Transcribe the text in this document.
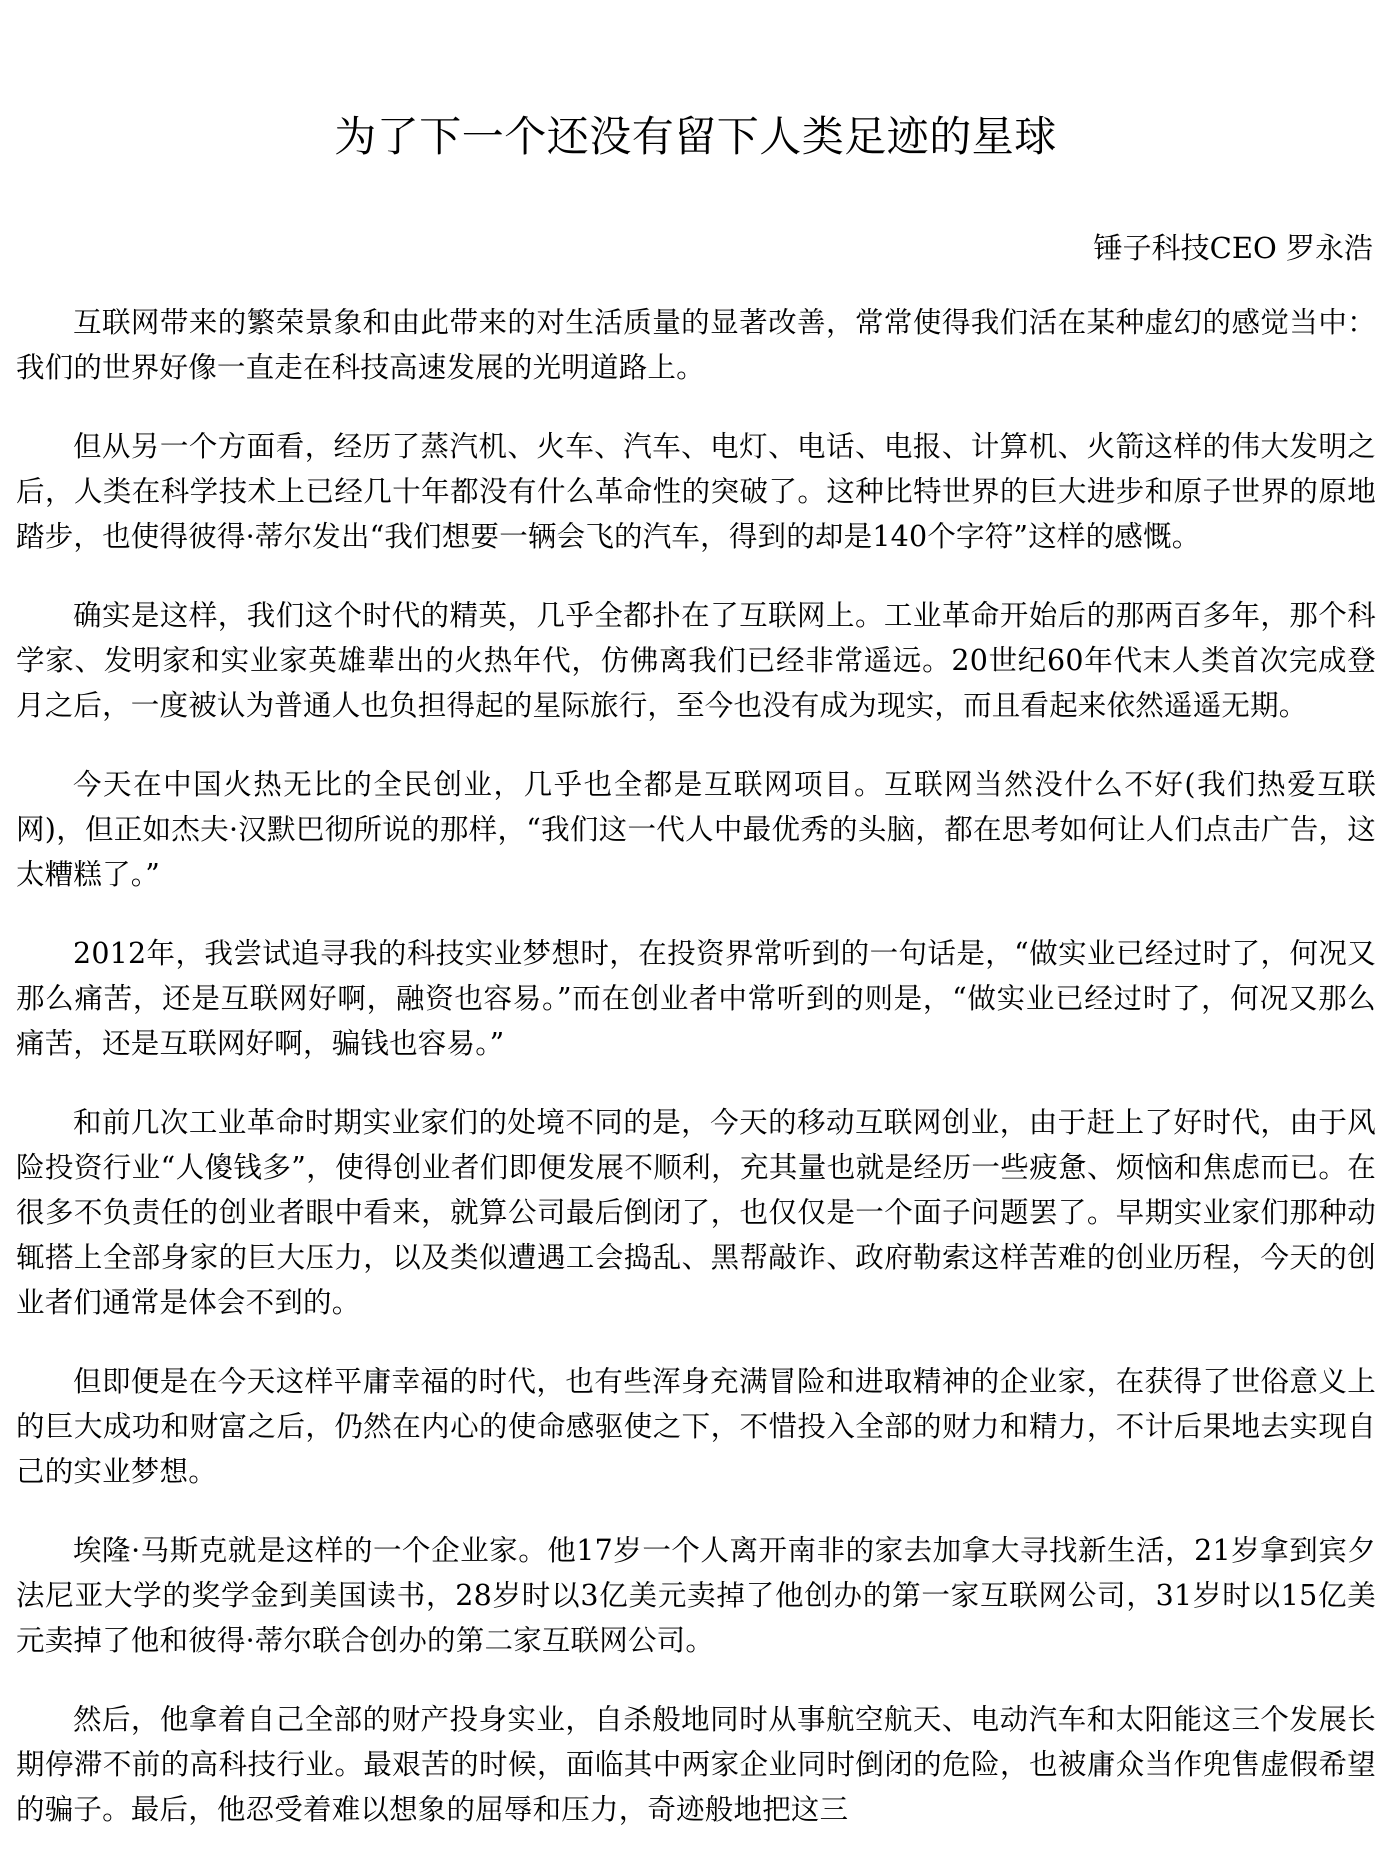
为了下一个还没有留下人类足迹的星球

锤子科技CEO 罗永浩

互联网带来的繁荣景象和由此带来的对生活质量的显著改善，常常使得我们活在某种虚幻的感觉当中：我们的世界好像一直走在科技高速发展的光明道路上。

但从另一个方面看，经历了蒸汽机、火车、汽车、电灯、电话、电报、计算机、火箭这样的伟大发明之后，人类在科学技术上已经几十年都没有什么革命性的突破了。这种比特世界的巨大进步和原子世界的原地踏步，也使得彼得·蒂尔发出“我们想要一辆会飞的汽车，得到的却是140个字符”这样的感慨。

确实是这样，我们这个时代的精英，几乎全都扑在了互联网上。工业革命开始后的那两百多年，那个科学家、发明家和实业家英雄辈出的火热年代，仿佛离我们已经非常遥远。20世纪60年代末人类首次完成登月之后，一度被认为普通人也负担得起的星际旅行，至今也没有成为现实，而且看起来依然遥遥无期。

今天在中国火热无比的全民创业，几乎也全都是互联网项目。互联网当然没什么不好(我们热爱互联网)，但正如杰夫·汉默巴彻所说的那样，“我们这一代人中最优秀的头脑，都在思考如何让人们点击广告，这太糟糕了。”

2012年，我尝试追寻我的科技实业梦想时，在投资界常听到的一句话是，“做实业已经过时了，何况又那么痛苦，还是互联网好啊，融资也容易。”而在创业者中常听到的则是，“做实业已经过时了，何况又那么痛苦，还是互联网好啊，骗钱也容易。”

和前几次工业革命时期实业家们的处境不同的是，今天的移动互联网创业，由于赶上了好时代，由于风险投资行业“人傻钱多”，使得创业者们即便发展不顺利，充其量也就是经历一些疲惫、烦恼和焦虑而已。在很多不负责任的创业者眼中看来，就算公司最后倒闭了，也仅仅是一个面子问题罢了。早期实业家们那种动辄搭上全部身家的巨大压力，以及类似遭遇工会捣乱、黑帮敲诈、政府勒索这样苦难的创业历程，今天的创业者们通常是体会不到的。

但即便是在今天这样平庸幸福的时代，也有些浑身充满冒险和进取精神的企业家，在获得了世俗意义上的巨大成功和财富之后，仍然在内心的使命感驱使之下，不惜投入全部的财力和精力，不计后果地去实现自己的实业梦想。

埃隆·马斯克就是这样的一个企业家。他17岁一个人离开南非的家去加拿大寻找新生活，21岁拿到宾夕法尼亚大学的奖学金到美国读书，28岁时以3亿美元卖掉了他创办的第一家互联网公司，31岁时以15亿美元卖掉了他和彼得·蒂尔联合创办的第二家互联网公司。

然后，他拿着自己全部的财产投身实业，自杀般地同时从事航空航天、电动汽车和太阳能这三个发展长期停滞不前的高科技行业。最艰苦的时候，面临其中两家企业同时倒闭的危险，也被庸众当作兜售虚假希望的骗子。最后，他忍受着难以想象的屈辱和压力，奇迹般地把这三
